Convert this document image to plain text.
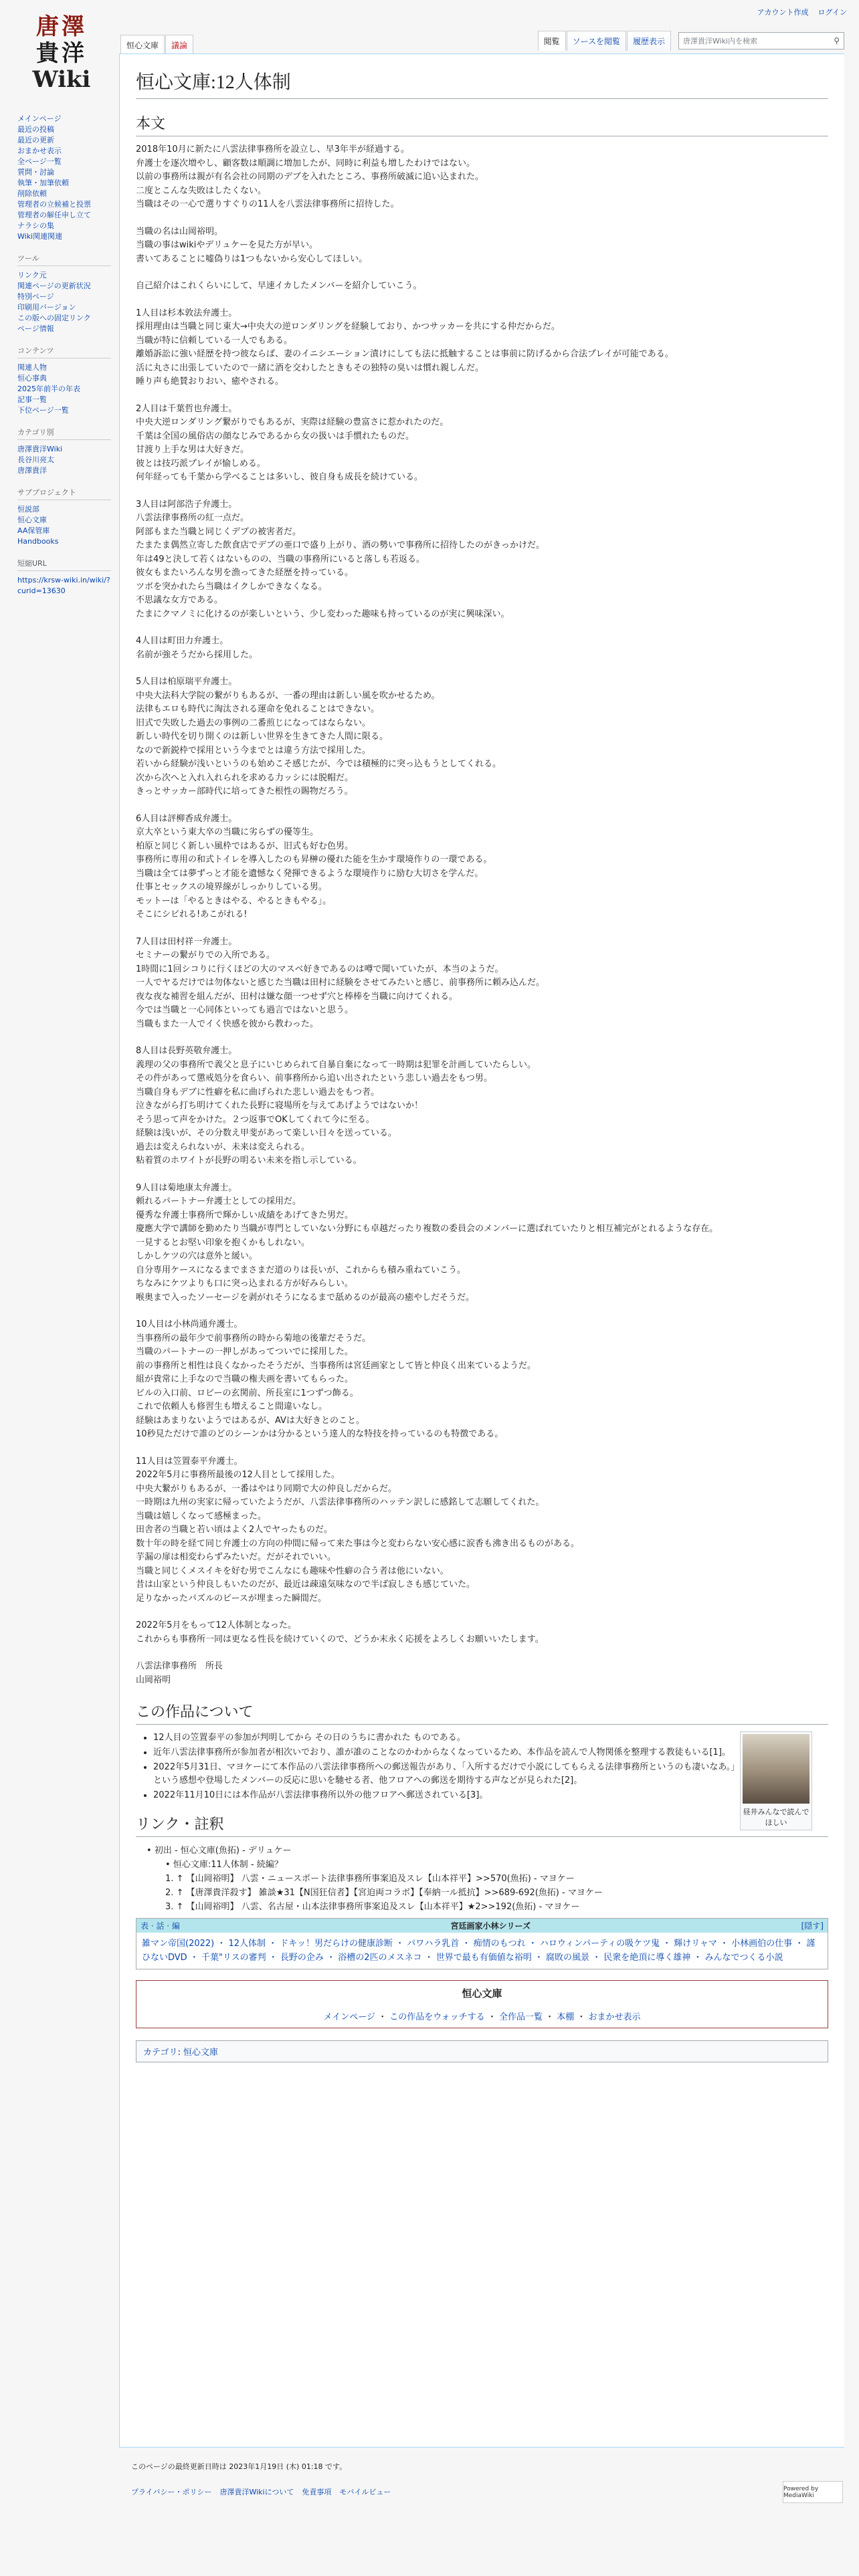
アカウント作成 ログイン
唐澤
貴洋
Wiki
メインページ
最近の投稿
最近の更新
おまかせ表示
全ページ一覧
質問・討論
執筆・加筆依頼
削除依頼
管理者の立候補と投票
管理者の解任申し立て
ナラシの集
Wiki関連関連
ツール
リンク元
関連ページの更新状況
特別ページ
印刷用バージョン
この版への固定リンク
ページ情報
コンテンツ
関連人物
恒心事典
2025年前半の年表
記事一覧
下位ページ一覧
カテゴリ別
唐澤貴洋Wiki
長谷川亮太
唐澤貴洋
サブプロジェクト
恒説部
恒心文庫
AA保管庫
Handbooks
短縮URL
https://krsw-wiki.in/wiki/?curid=13630
恒心文庫	議論	閲覧	ソースを閲覧	履歴表示	唐澤貴洋Wiki内を検索	⚲
恒心文庫:12人体制
本文
2018年10月に新たに八雲法律事務所を設立し、早3年半が経過する。
弁護士を逐次増やし、顧客数は順調に増加したが、同時に利益も増したわけではない。
以前の事務所は親が有名会社の同期のデブを入れたところ、事務所破滅に追い込まれた。
二度とこんな失敗はしたくない。
当職はその一心で選りすぐりの11人を八雲法律事務所に招待した。
当職の名は山岡裕明。
当職の事はwikiやデリュケーを見た方が早い。
書いてあることに嘘偽りは1つもないから安心してほしい。
自己紹介はこれくらいにして、早速イカしたメンバーを紹介していこう。
1人目は杉本敦法弁護士。
採用理由は当職と同じ東大→中央大の逆ロンダリングを経験しており、かつサッカーを共にする仲だからだ。
当職が特に信頼している一人でもある。
離婚訴訟に強い経歴を持つ彼ならば、妻のイニシエーション漬けにしても法に抵触することは事前に防げるから合法プレイが可能である。
活に丸さに出張していたので一緒に酒を交わしたときもその独特の臭いは慣れ親しんだ。
睡り声も絶賛おりおい、癒やされる。
2人目は千葉哲也弁護士。
中央大逆ロンダリング繋がりでもあるが、実際は経験の豊富さに惹かれたのだ。
千葉は全国の風俗店の顔なじみであるから女の扱いは手慣れたものだ。
甘渡り上手な男は大好きだ。
彼とは技巧派プレイが愉しめる。
何年経っても千葉から学べることは多いし、彼自身も成長を続けている。
3人目は阿部浩子弁護士。
八雲法律事務所の紅一点だ。
阿部もまた当職と同じくデブの被害者だ。
たまたま偶然立寄した飲食店でデブの亜口で盛り上がり、酒の勢いで事務所に招待したのがきっかけだ。
年は49と決して若くはないものの、当職の事務所にいると落しも若返る。
彼女もまたいろんな男を漁ってきた経歴を持っている。
ツボを突かれたら当職はイクしかできなくなる。
不思議な女方である。
たまにクマノミに化けるのが楽しいという、少し変わった趣味も持っているのが実に興味深い。
4人目は町田力弁護士。
名前が強そうだから採用した。
5人目は柏原瑞平弁護士。
中央大法科大学院の繋がりもあるが、一番の理由は新しい風を吹かせるため。
法律もエロも時代に淘汰される運命を免れることはできない。
旧式で失敗した過去の事例の二番煎じになってはならない。
新しい時代を切り開くのは新しい世界を生きてきた人間に限る。
なので新鋭枠で採用という今までとは違う方法で採用した。
若いから経験が浅いというのも始めこそ感じたが、今では積極的に突っ込もうとしてくれる。
次から次へと入れ入れられを求める力ッシには脱帽だ。
きっとサッカー部時代に培ってきた根性の賜物だろう。
6人目は評柳香成弁護士。
京大卒という東大卒の当職に劣らずの優等生。
柏原と同じく新しい風枠ではあるが、旧式も好む色男。
事務所に専用の和式トイレを導入したのも昇榊の優れた能を生かす環境作りの一環である。
当職は全ては夢ずっと才能を遺憾なく発揮できるような環境作りに励む大切さを学んだ。
仕事とセックスの境界線がしっかりしている男。
モットーは「やるときはやる、やるときもやる」。
そこにシビれる!あこがれる!
7人目は田村祥一弁護士。
セミナーの繋がりでの入所である。
1時間に1回シコりに行くほどの大のマスベ好きであるのは噂で聞いていたが、本当のようだ。
一人でヤるだけでは勿体ないと感じた当職は田村に経験をさせてみたいと感じ、前事務所に頼み込んだ。
夜な夜な補習を組んだが、田村は嫌な顔一つせず穴と棒棒を当職に向けてくれる。
今では当職と一心同体といっても過言ではないと思う。
当職もまた一人でイく快感を彼から教わった。
8人目は長野英敬弁護士。
義理の父の事務所で義父と息子にいじめられて自暴自棄になって一時期は犯罪を計画していたらしい。
その件があって懲戒処分を食らい、前事務所から追い出されたという悲しい過去をもつ男。
当職自身もデブに性癖を私に曲げられた悲しい過去をもつ者。
泣きながら打ち明けてくれた長野に寝場所を与えてあげようではないか！
そう思って声をかけた。２つ返事でOKしてくれて今に至る。
経験は浅いが、その分数え甲斐があって楽しい日々を送っている。
過去は変えられないが、未来は変えられる。
粘着質のホワイトが長野の明るい未来を指し示している。
9人目は菊地康太弁護士。
頼れるパートナー弁護士としての採用だ。
優秀な弁護士事務所で輝かしい成績をあげてきた男だ。
慶應大学で講師を勤めたり当職が専門としていない分野にも卓越だったり複数の委員会のメンバーに選ばれていたりと相互補完がとれるような存在。
一見するとお堅い印象を抱くかもしれない。
しかしケツの穴は意外と緩い。
自分専用ケースになるまでまさまだ道のりは長いが、これからも積み重ねていこう。
ちなみにケツよりも口に突っ込まれる方が好みらしい。
喉奥まで入ったソーセージを剥がれそうになるまで舐めるのが最高の癒やしだそうだ。
10人目は小林尚通弁護士。
当事務所の最年少で前事務所の時から菊地の後輩だそうだ。
当職のパートナーの一押しがあってついでに採用した。
前の事務所と相性は良くなかったそうだが、当事務所は宮廷画家として皆と仲良く出来ているようだ。
組が貴常に上手なので当職の権夫画を書いてもらった。
ビルの入口前、ロビーの玄関前、所長室に1つずつ飾る。
これで依頼人も修習生も増えること間違いなし。
経験はあまりないようではあるが、AVは大好きとのこと。
10秒見ただけで誰のどのシーンかは分かるという達人的な特技を持っているのも特徴である。
11人目は笠置泰平弁護士。
2022年5月に事務所最後の12人目として採用した。
中央大繋がりもあるが、一番はやはり同期で大の仲良しだからだ。
一時期は九州の実家に帰っていたようだが、八雲法律事務所のハッテン訳しに感銘して志願してくれた。
当職は嬉しくなって感極まった。
田舎者の当職と若い頃はよく2人でヤったものだ。
数十年の時を経て同じ弁護士の方向の仲間に帰って来た事は今と変わらない安心感に涙香も沸き出るものがある。
芋漏の扉は相変わらずみたいだ。だがそれでいい。
当職と同じくメスイキを好む男でこんなにも趣味や性癖の合う者は他にいない。
昔は山家という仲良しもいたのだが、最近は疎遠気味なので半ば寂しさも感じていた。
足りなかったパズルのピースが埋まった瞬間だ。
2022年5月をもって12人体制となった。
これからも事務所一同は更なる性長を続けていくので、どうか末永く応援をよろしくお願いいたします。
八雲法律事務所　所長
山岡裕明
この作品について
昼井みんなで読んでほしい
• 12人目の笠置泰平の参加が判明してから その日のうちに書かれた ものである。
• 近年八雲法律事務所が参加者が相次いでおり、誰が誰のことなのかわからなくなっているため、本作品を読んで人物関係を整理する教徒もいる[1]。
• 2022年5月31日、マヨケーにて本作品の八雲法律事務所への郵送報告があり、「入所するだけで小説にしてもらえる法律事務所というのも凄いなあ。」という感想や登場したメンバーの反応に思いを馳せる者、他フロアへの郵送を期待する声などが見られた[2]。
• 2022年11月10日には本作品が八雲法律事務所以外の他フロアへ郵送されている[3]。
リンク・註釈
• 初出 - 恒心文庫(魚拓) - デリュケー
• 恒心文庫:11人体制 - 続編？
1. ↑ 【山岡裕明】 八雲・ニュースポート法律事務所事案追及スレ【山本祥平】>>570(魚拓) - マヨケー
2. ↑ 【唐澤貴洋殺す】 雑談★31【N国狂信者】【宮迫両コラボ】【奉納一ル抵抗】>>689-692(魚拓) - マヨケー
3. ↑ 【山岡裕明】 八雲、名古屋・山本法律事務所事案追及スレ【山本祥平】★2>>192(魚拓) - マヨケー
表 · 話 · 編	宮廷画家小林シリーズ	[隠す]
雑マン帝国(2022) ・ 12人体制 ・ ドキッ！男だらけの健康診断 ・ パワハラ乳首 ・ 痴情のもつれ ・ ハロウィンパーティの吸ケツ鬼 ・ 輝けリャマ ・ 小林画伯の仕事 ・ 謹ひないDVD ・ 千葉"リスの審判 ・ 長野の企み ・ 浴槽の2匹のメスネコ ・ 世界で最も有価値な裕明 ・ 腐敗の風景 ・ 民衆を絶頂に導く雄神 ・ みんなでつくる小説
恒心文庫
メインページ ・ この作品をウォッチする ・ 全作品一覧 ・ 本棚 ・ おまかせ表示
カテゴリ: 恒心文庫
このページの最終更新日時は 2023年1月19日 (木) 01:18 です。
プライバシー・ポリシー 唐澤貴洋Wikiについて 免責事項 モバイルビュー	Powered by MediaWiki
